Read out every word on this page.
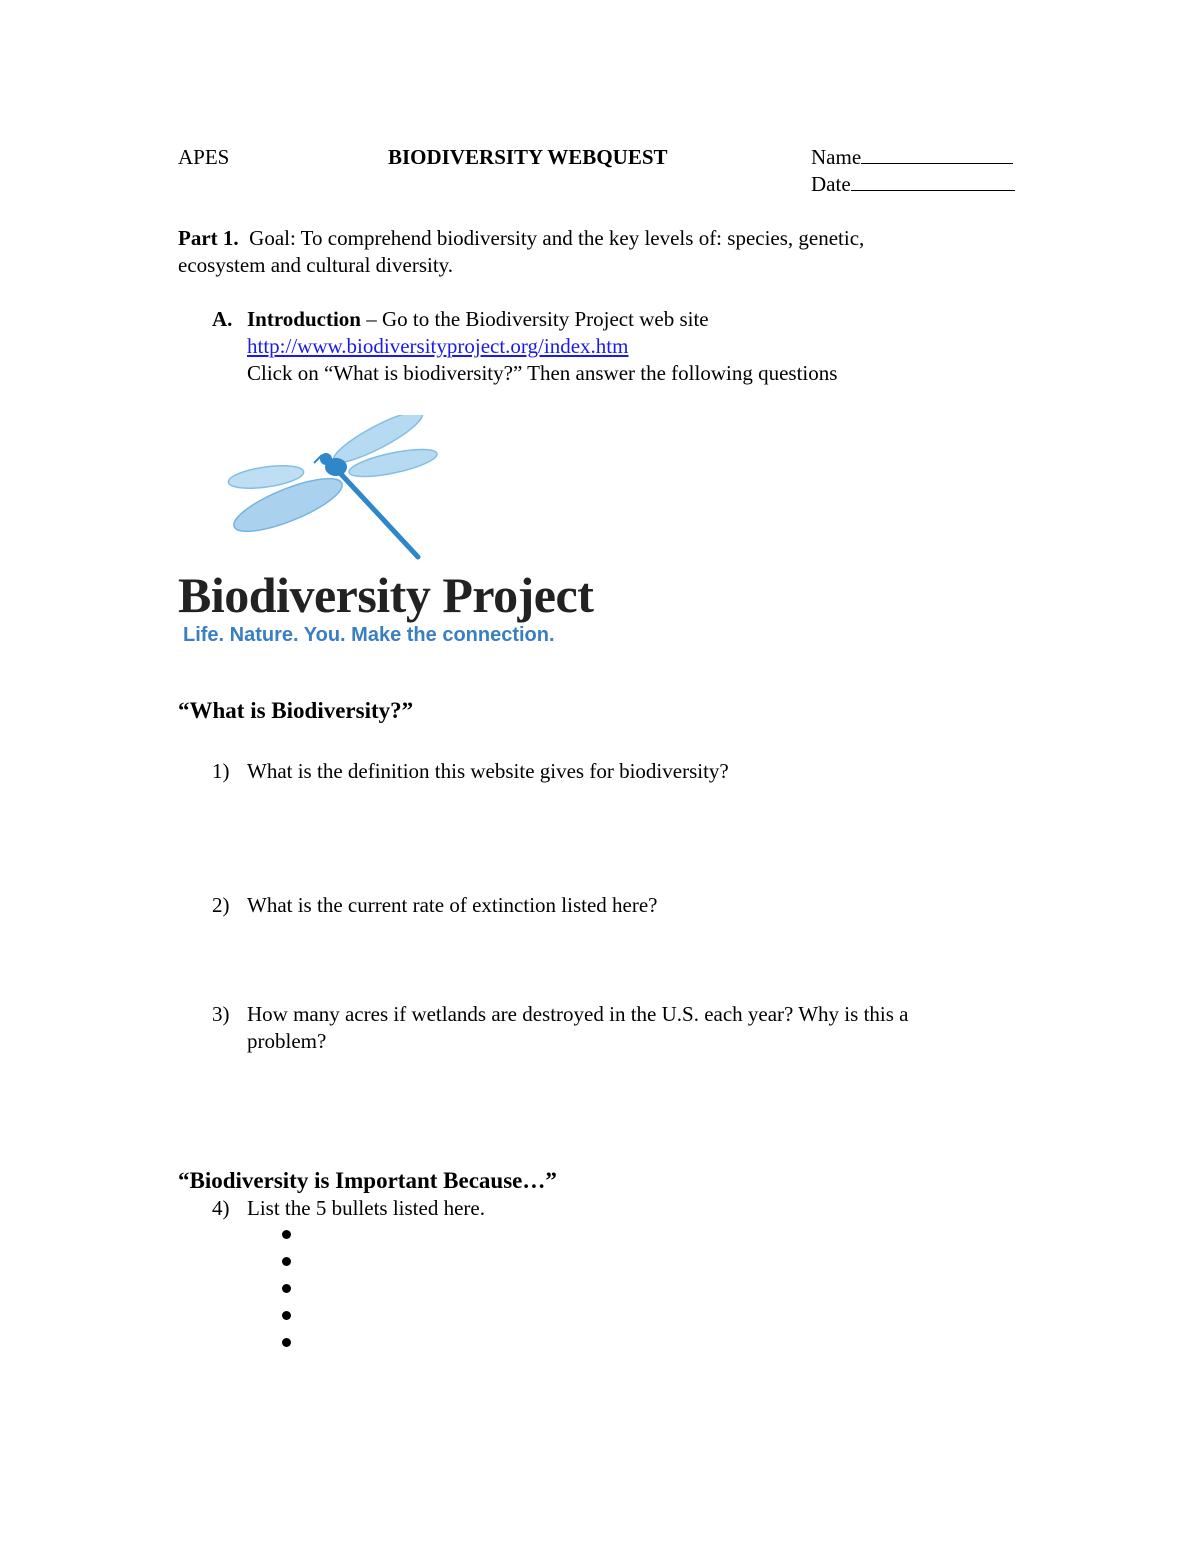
APES	BIODIVERSITY WEBQUEST	Name
Date
Part 1. Goal: To comprehend biodiversity and the key levels of: species, genetic,
ecosystem and cultural diversity.
A. Introduction – Go to the Biodiversity Project web site
http://www.biodiversityproject.org/index.htm
Click on “What is biodiversity?” Then answer the following questions
Biodiversity Project
Life. Nature. You. Make the connection.
“What is Biodiversity?”
1) What is the definition this website gives for biodiversity?
2) What is the current rate of extinction listed here?
3) How many acres if wetlands are destroyed in the U.S. each year? Why is this a
problem?
“Biodiversity is Important Because…”
4) List the 5 bullets listed here.
